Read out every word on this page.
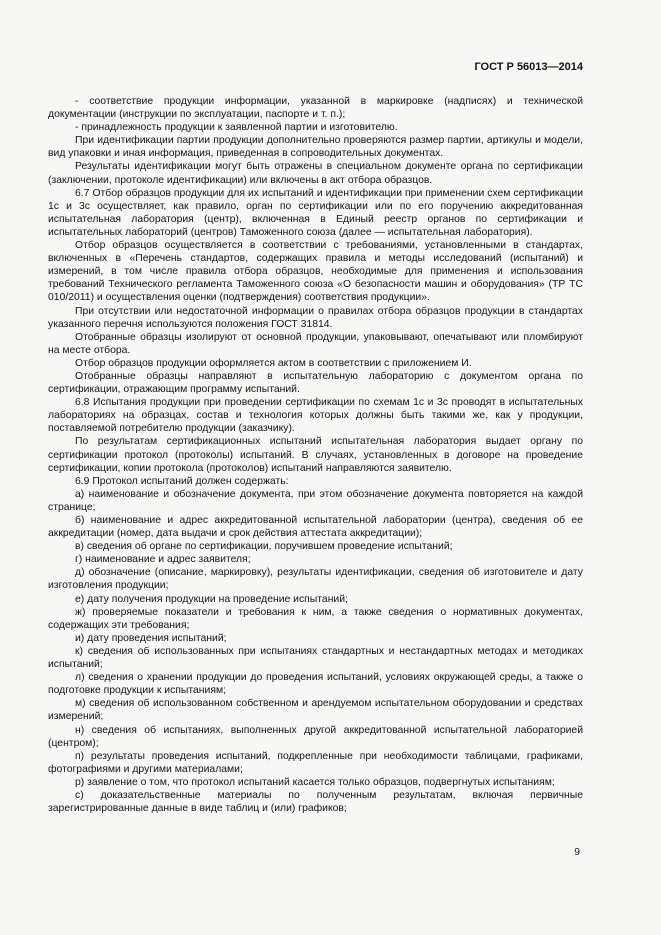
ГОСТ Р 56013—2014

- соответствие продукции информации, указанной в маркировке (надписях) и технической документации (инструкции по эксплуатации, паспорте и т. п.);

- принадлежность продукции к заявленной партии и изготовителю.

При идентификации партии продукции дополнительно проверяются размер партии, артикулы и модели, вид упаковки и иная информация, приведенная в сопроводительных документах.

Результаты идентификации могут быть отражены в специальном документе органа по сертификации (заключении, протоколе идентификации) или включены в акт отбора образцов.

6.7 Отбор образцов продукции для их испытаний и идентификации при применении схем сертификации 1с и 3с осуществляет, как правило, орган по сертификации или по его поручению аккредитованная испытательная лаборатория (центр), включенная в Единый реестр органов по сертификации и испытательных лабораторий (центров) Таможенного союза (далее — испытательная лаборатория).

Отбор образцов осуществляется в соответствии с требованиями, установленными в стандартах, включенных в «Перечень стандартов, содержащих правила и методы исследований (испытаний) и измерений, в том числе правила отбора образцов, необходимые для применения и использования требований Технического регламента Таможенного союза «О безопасности машин и оборудования» (ТР ТС 010/2011) и осуществления оценки (подтверждения) соответствия продукции».

При отсутствии или недостаточной информации о правилах отбора образцов продукции в стандартах указанного перечня используются положения ГОСТ 31814.

Отобранные образцы изолируют от основной продукции, упаковывают, опечатывают или пломбируют на месте отбора.

Отбор образцов продукции оформляется актом в соответствии с приложением И.

Отобранные образцы направляют в испытательную лабораторию с документом органа по сертификации, отражающим программу испытаний.

6.8 Испытания продукции при проведении сертификации по схемам 1с и 3с проводят в испытательных лабораториях на образцах, состав и технология которых должны быть такими же, как у продукции, поставляемой потребителю продукции (заказчику).

По результатам сертификационных испытаний испытательная лаборатория выдает органу по сертификации протокол (протоколы) испытаний. В случаях, установленных в договоре на проведение сертификации, копии протокола (протоколов) испытаний направляются заявителю.

6.9 Протокол испытаний должен содержать:

а) наименование и обозначение документа, при этом обозначение документа повторяется на каждой странице;

б) наименование и адрес аккредитованной испытательной лаборатории (центра), сведения об ее аккредитации (номер, дата выдачи и срок действия аттестата аккредитации);

в) сведения об органе по сертификации, поручившем проведение испытаний;

г) наименование и адрес заявителя;

д) обозначение (описание, маркировку), результаты идентификации, сведения об изготовителе и дату изготовления продукции;

е) дату получения продукции на проведение испытаний;

ж) проверяемые показатели и требования к ним, а также сведения о нормативных документах, содержащих эти требования;

и) дату проведения испытаний;

к) сведения об использованных при испытаниях стандартных и нестандартных методах и методиках испытаний;

л) сведения о хранении продукции до проведения испытаний, условиях окружающей среды, а также о подготовке продукции к испытаниям;

м) сведения об использованном собственном и арендуемом испытательном оборудовании и средствах измерений;

н) сведения об испытаниях, выполненных другой аккредитованной испытательной лабораторией (центром);

п) результаты проведения испытаний, подкрепленные при необходимости таблицами, графиками, фотографиями и другими материалами;

р) заявление о том, что протокол испытаний касается только образцов, подвергнутых испытаниям;

с) доказательственные материалы по полученным результатам, включая первичные зарегистрированные данные в виде таблиц и (или) графиков;

9
